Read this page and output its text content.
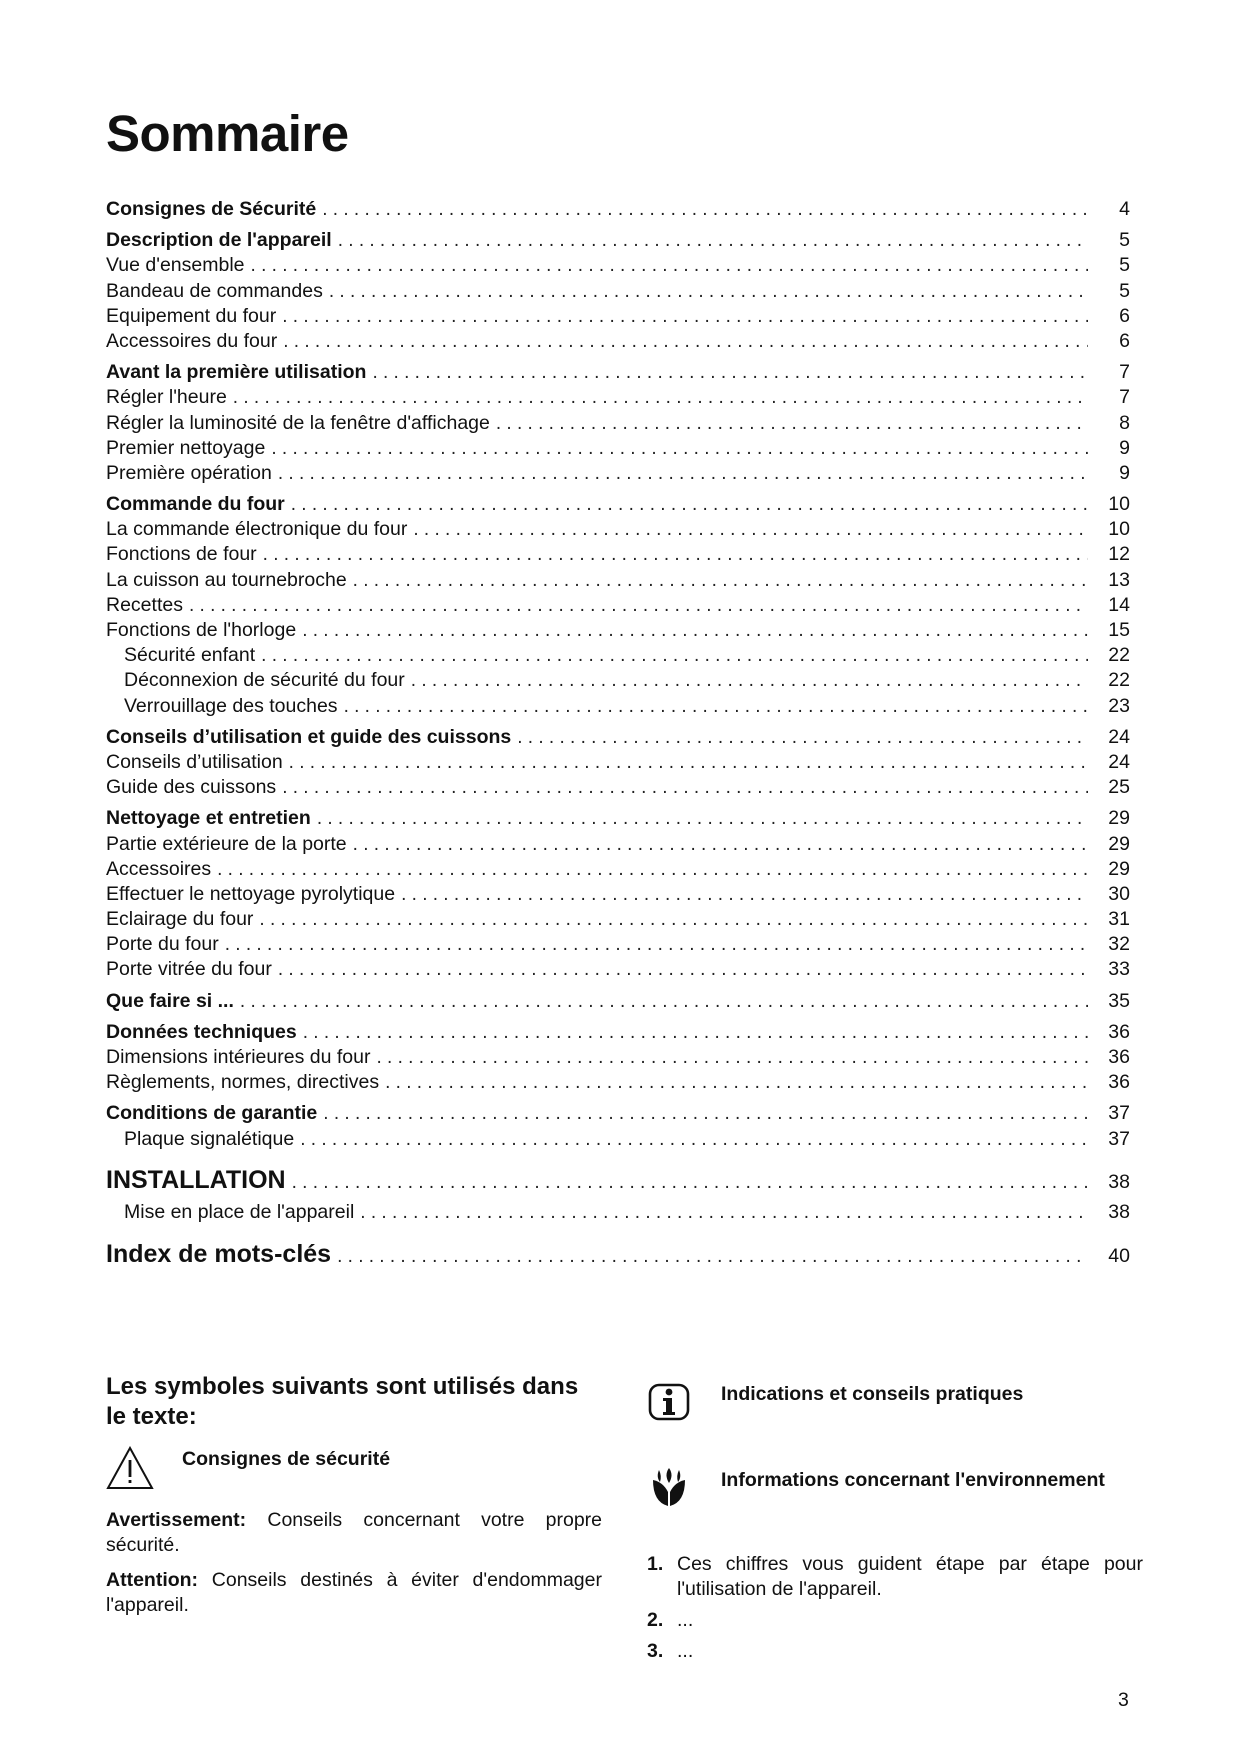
Sommaire
Consignes de Sécurité . . .	4
Description de l'appareil . . .	5
Vue d'ensemble . . .	5
Bandeau de commandes . . .	5
Equipement du four . . .	6
Accessoires du four . . .	6
Avant la première utilisation . . .	7
Régler l'heure . . .	7
Régler la luminosité de la fenêtre d'affichage . . .	8
Premier nettoyage . . .	9
Première opération . . .	9
Commande du four . . .	10
La commande électronique du four . . .	10
Fonctions de four . . .	12
La cuisson au tournebroche . . .	13
Recettes . . .	14
Fonctions de l'horloge . . .	15
Sécurité enfant . . .	22
Déconnexion de sécurité du four . . .	22
Verrouillage des touches . . .	23
Conseils d’utilisation et guide des cuissons . . .	24
Conseils d’utilisation . . .	24
Guide des cuissons . . .	25
Nettoyage et entretien . . .	29
Partie extérieure de la porte . . .	29
Accessoires . . .	29
Effectuer le nettoyage pyrolytique . . .	30
Eclairage du four . . .	31
Porte du four . . .	32
Porte vitrée du four . . .	33
Que faire si ... . . .	35
Données techniques . . .	36
Dimensions intérieures du four . . .	36
Règlements, normes, directives . . .	36
Conditions de garantie . . .	37
Plaque signalétique . . .	37
INSTALLATION . . .	38
Mise en place de l'appareil . . .	38
Index de mots-clés . . .	40
Les symboles suivants sont utilisés dans le texte:
Consignes de sécurité

Avertissement: Conseils concernant votre propre sécurité.

Attention: Conseils destinés à éviter d'endommager l'appareil.

Indications et conseils pratiques
Informations concernant l'environnement
1. Ces chiffres vous guident étape par étape pour l'utilisation de l'appareil.
2. ...
3. ...
3
